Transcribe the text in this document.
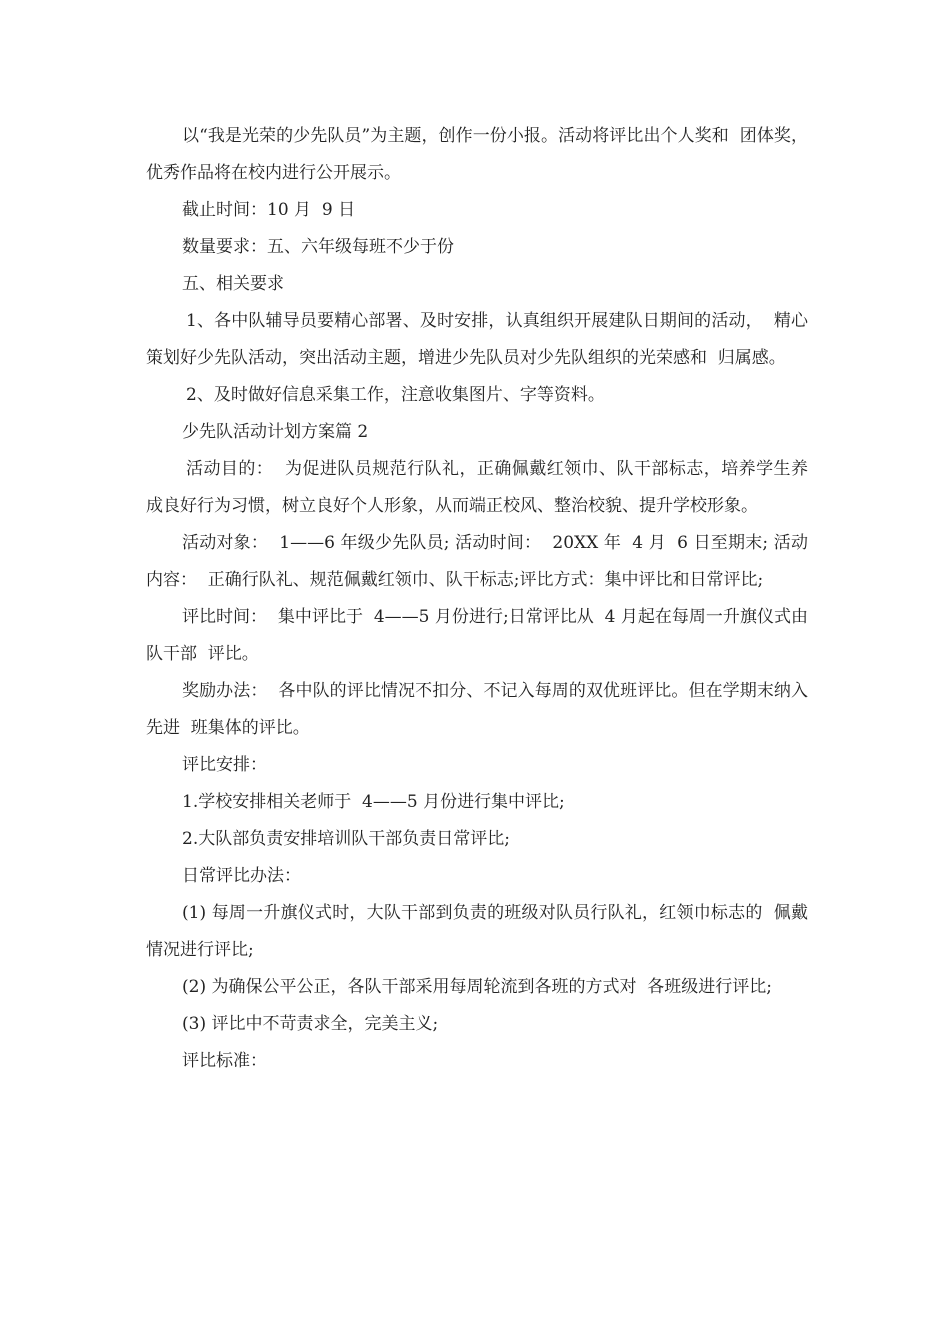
以“我是光荣的少先队员”为主题，创作一份小报。活动将评比出个人奖和  团体奖，优秀作品将在校内进行公开展示。

截止时间：10 月  9 日

数量要求：五、六年级每班不少于份

五、相关要求

1、各中队辅导员要精心部署、及时安排，认真组织开展建队日期间的活动，  精心策划好少先队活动，突出活动主题，增进少先队员对少先队组织的光荣感和  归属感。

2、及时做好信息采集工作，注意收集图片、字等资料。

少先队活动计划方案篇 2

活动目的：  为促进队员规范行队礼，正确佩戴红领巾、队干部标志，培养学生养成良好行为习惯，树立良好个人形象，从而端正校风、整治校貌、提升学校形象。

活动对象：  1——6 年级少先队员; 活动时间：  20XX 年  4 月  6 日至期末; 活动内容：  正确行队礼、规范佩戴红领巾、队干标志;评比方式：集中评比和日常评比;

评比时间：  集中评比于  4——5 月份进行;日常评比从  4 月起在每周一升旗仪式由队干部  评比。

奖励办法：  各中队的评比情况不扣分、不记入每周的双优班评比。但在学期末纳入先进  班集体的评比。

评比安排：

1.学校安排相关老师于  4——5 月份进行集中评比;

2.大队部负责安排培训队干部负责日常评比;

日常评比办法：

(1) 每周一升旗仪式时，大队干部到负责的班级对队员行队礼，红领巾标志的  佩戴情况进行评比;

(2) 为确保公平公正，各队干部采用每周轮流到各班的方式对  各班级进行评比;

(3) 评比中不苛责求全，完美主义;

评比标准：
